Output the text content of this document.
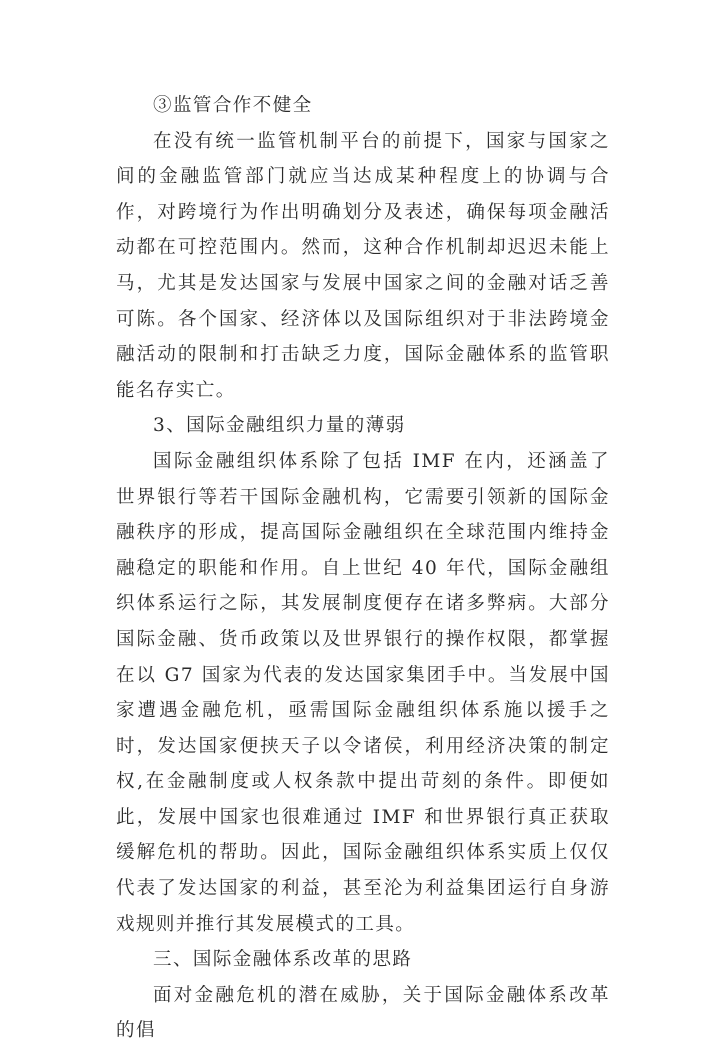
③监管合作不健全

在没有统一监管机制平台的前提下，国家与国家之间的金融监管部门就应当达成某种程度上的协调与合作，对跨境行为作出明确划分及表述，确保每项金融活动都在可控范围内。然而，这种合作机制却迟迟未能上马，尤其是发达国家与发展中国家之间的金融对话乏善可陈。各个国家、经济体以及国际组织对于非法跨境金融活动的限制和打击缺乏力度，国际金融体系的监管职能名存实亡。

3、国际金融组织力量的薄弱

国际金融组织体系除了包括 IMF 在内，还涵盖了世界银行等若干国际金融机构，它需要引领新的国际金融秩序的形成，提高国际金融组织在全球范围内维持金融稳定的职能和作用。自上世纪 40 年代，国际金融组织体系运行之际，其发展制度便存在诸多弊病。大部分国际金融、货币政策以及世界银行的操作权限，都掌握在以 G7 国家为代表的发达国家集团手中。当发展中国家遭遇金融危机，亟需国际金融组织体系施以援手之时，发达国家便挟天子以令诸侯，利用经济决策的制定权,在金融制度或人权条款中提出苛刻的条件。即便如此，发展中国家也很难通过 IMF 和世界银行真正获取缓解危机的帮助。因此，国际金融组织体系实质上仅仅代表了发达国家的利益，甚至沦为利益集团运行自身游戏规则并推行其发展模式的工具。

三、国际金融体系改革的思路

面对金融危机的潜在威胁，关于国际金融体系改革的倡
